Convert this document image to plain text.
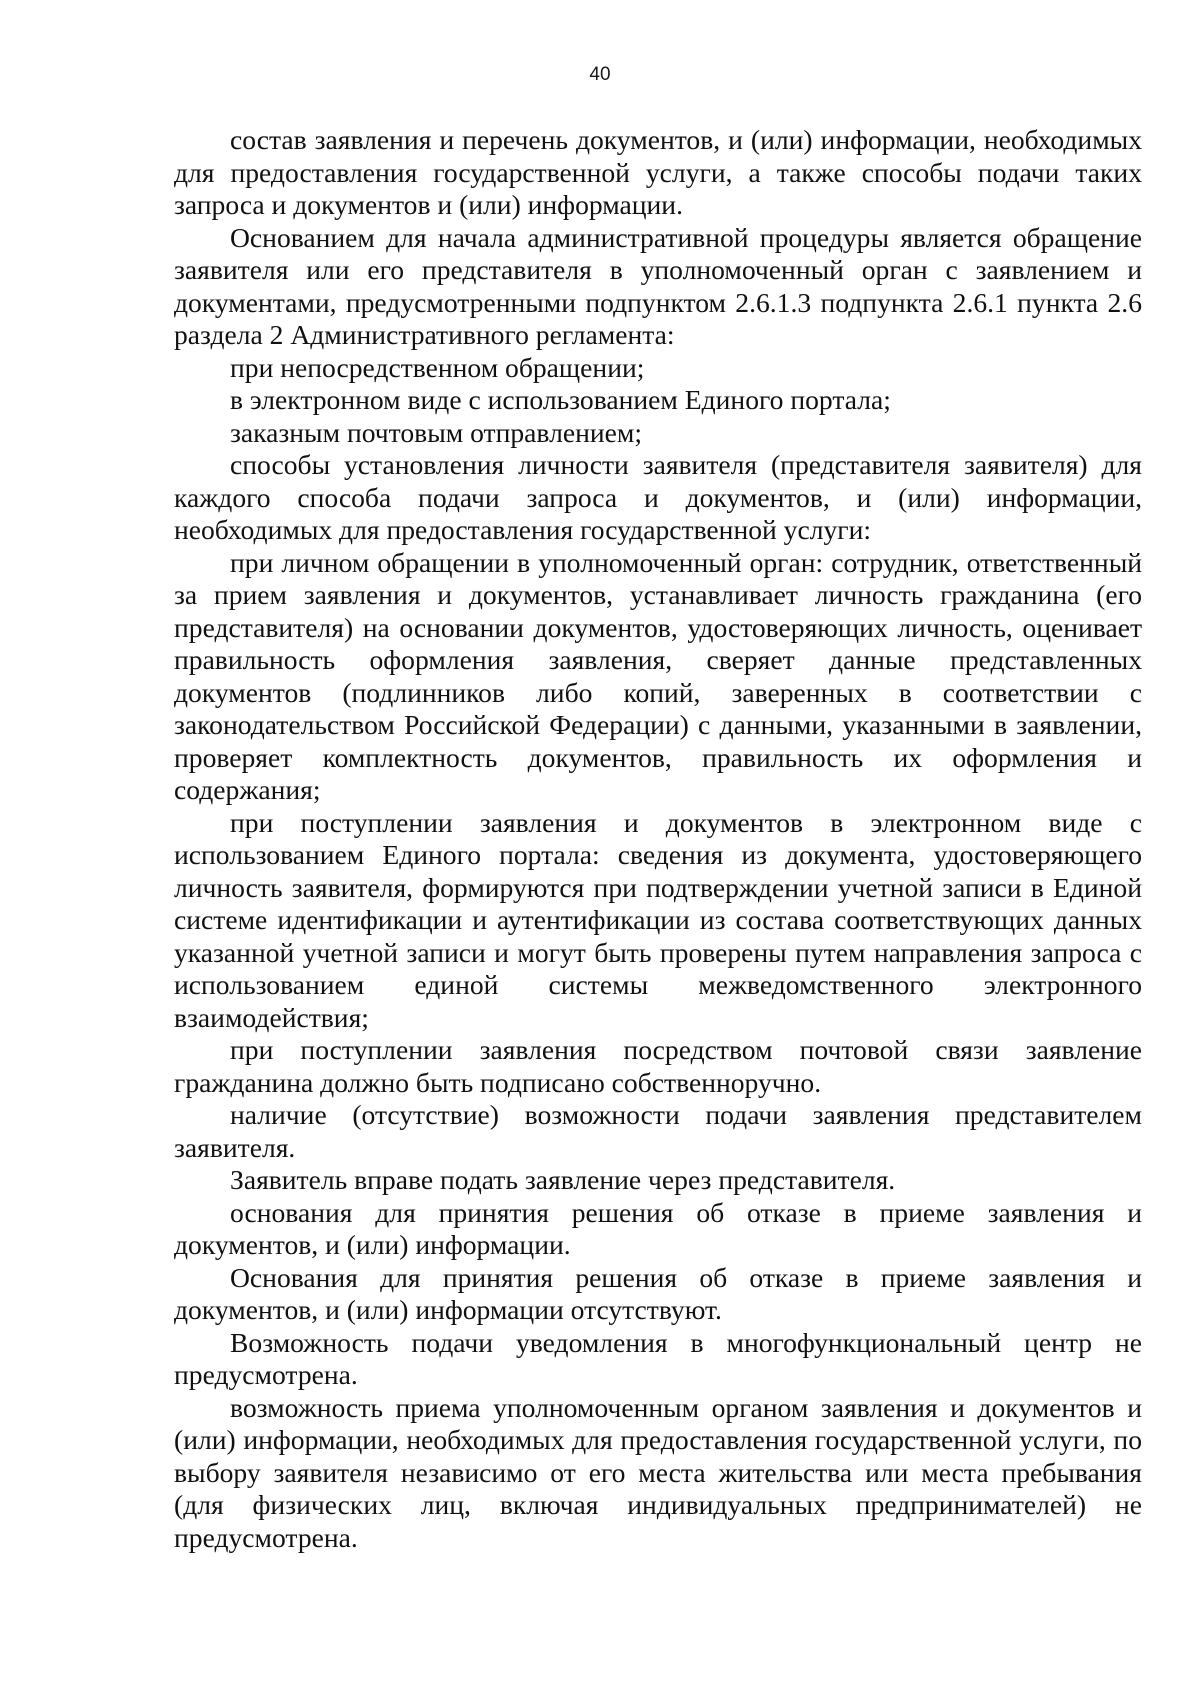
40

состав заявления и перечень документов, и (или) информации, необходимых для предоставления государственной услуги, а также способы подачи таких запроса и документов и (или) информации.

Основанием для начала административной процедуры является обращение заявителя или его представителя в уполномоченный орган с заявлением и документами, предусмотренными подпунктом 2.6.1.3 подпункта 2.6.1 пункта 2.6 раздела 2 Административного регламента:

при непосредственном обращении;

в электронном виде с использованием Единого портала;

заказным почтовым отправлением;

способы установления личности заявителя (представителя заявителя) для каждого способа подачи запроса и документов, и (или) информации, необходимых для предоставления государственной услуги:

при личном обращении в уполномоченный орган: сотрудник, ответственный за прием заявления и документов, устанавливает личность гражданина (его представителя) на основании документов, удостоверяющих личность, оценивает правильность оформления заявления, сверяет данные представленных документов (подлинников либо копий, заверенных в соответствии с законодательством Российской Федерации) с данными, указанными в заявлении, проверяет комплектность документов, правильность их оформления и содержания;

при поступлении заявления и документов в электронном виде с использованием Единого портала: сведения из документа, удостоверяющего личность заявителя, формируются при подтверждении учетной записи в Единой системе идентификации и аутентификации из состава соответствующих данных указанной учетной записи и могут быть проверены путем направления запроса с использованием единой системы межведомственного электронного взаимодействия;

при поступлении заявления посредством почтовой связи заявление гражданина должно быть подписано собственноручно.

наличие (отсутствие) возможности подачи заявления представителем заявителя.

Заявитель вправе подать заявление через представителя.

основания для принятия решения об отказе в приеме заявления и документов, и (или) информации.

Основания для принятия решения об отказе в приеме заявления и документов, и (или) информации отсутствуют.

Возможность подачи уведомления в многофункциональный центр не предусмотрена.

возможность приема уполномоченным органом заявления и документов и (или) информации, необходимых для предоставления государственной услуги, по выбору заявителя независимо от его места жительства или места пребывания (для физических лиц, включая индивидуальных предпринимателей) не предусмотрена.
